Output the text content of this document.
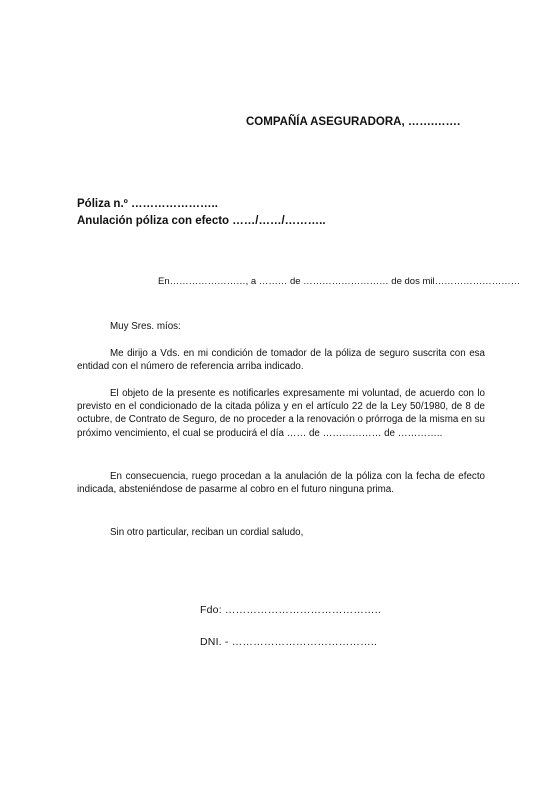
COMPAÑÍA ASEGURADORA, …….…….
Póliza n.º …………………..
Anulación póliza con efecto ……/……/………..
En……………………, a ……… de ……………………… de dos mil………………………
Muy Sres. míos:
Me dirijo a Vds. en mi condición de tomador de la póliza de seguro suscrita con esa entidad con el número de referencia arriba indicado.
El objeto de la presente es notificarles expresamente mi voluntad, de acuerdo con lo previsto en el condicionado de la citada póliza y en el artículo 22 de la Ley 50/1980, de 8 de octubre, de Contrato de Seguro, de no proceder a la renovación o prórroga de la misma en su próximo vencimiento, el cual se producirá el día …… de ……………… de …………..
En consecuencia, ruego procedan a la anulación de la póliza con la fecha de efecto indicada, absteniéndose de pasarme al cobro en el futuro ninguna prima.
Sin otro particular, reciban un cordial saludo,
Fdo: ……………………………………..
DNI. - …………………………………..
